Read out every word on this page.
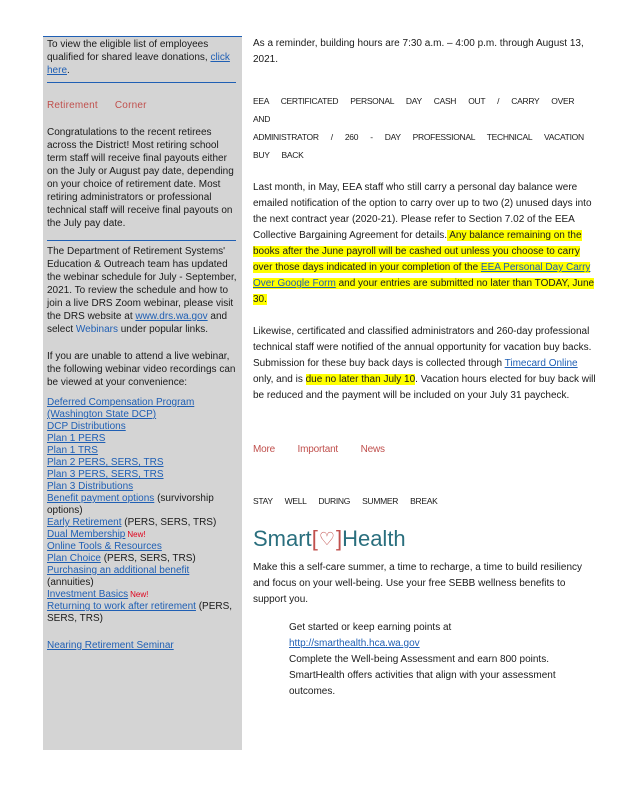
To view the eligible list of employees qualified for shared leave donations, click here.

Retirement Corner

Congratulations to the recent retirees across the District! Most retiring school term staff will receive final payouts either on the July or August pay date, depending on your choice of retirement date. Most retiring administrators or professional technical staff will receive final payouts on the July pay date.

The Department of Retirement Systems' Education & Outreach team has updated the webinar schedule for July - September, 2021. To review the schedule and how to join a live DRS Zoom webinar, please visit the DRS website at www.drs.wa.gov and select Webinars under popular links.

If you are unable to attend a live webinar, the following webinar video recordings can be viewed at your convenience:

Deferred Compensation Program (Washington State DCP)
DCP Distributions
Plan 1 PERS
Plan 1 TRS
Plan 2 PERS, SERS, TRS
Plan 3 PERS, SERS, TRS
Plan 3 Distributions
Benefit payment options (survivorship options)
Early Retirement (PERS, SERS, TRS)
Dual Membership New!
Online Tools & Resources
Plan Choice (PERS, SERS, TRS)
Purchasing an additional benefit (annuities)
Investment Basics New!
Returning to work after retirement (PERS, SERS, TRS)
Nearing Retirement Seminar

As a reminder, building hours are 7:30 a.m. – 4:00 p.m. through August 13, 2021.

EEA CERTIFICATED PERSONAL DAY CASH OUT / CARRY OVER AND
ADMINISTRATOR / 260 - DAY PROFESSIONAL TECHNICAL VACATION BUY BACK

Last month, in May, EEA staff who still carry a personal day balance were emailed notification of the option to carry over up to two (2) unused days into the next contract year (2020-21). Please refer to Section 7.02 of the EEA Collective Bargaining Agreement for details. Any balance remaining on the books after the June payroll will be cashed out unless you choose to carry over those days indicated in your completion of the EEA Personal Day Carry Over Google Form and your entries are submitted no later than TODAY, June 30.

Likewise, certificated and classified administrators and 260-day professional technical staff were notified of the annual opportunity for vacation buy backs. Submission for these buy back days is collected through Timecard Online only, and is due no later than July 10. Vacation hours elected for buy back will be reduced and the payment will be included on your July 31 paycheck.

More Important News

STAY WELL DURING SUMMER BREAK

Smart [ ♡ ] Health

Make this a self-care summer, a time to recharge, a time to build resiliency and focus on your well-being. Use your free SEBB wellness benefits to support you.

Get started or keep earning points at

http://smarthealth.hca.wa.gov

Complete the Well-being Assessment and earn 800 points. SmartHealth offers activities that align with your assessment outcomes.
